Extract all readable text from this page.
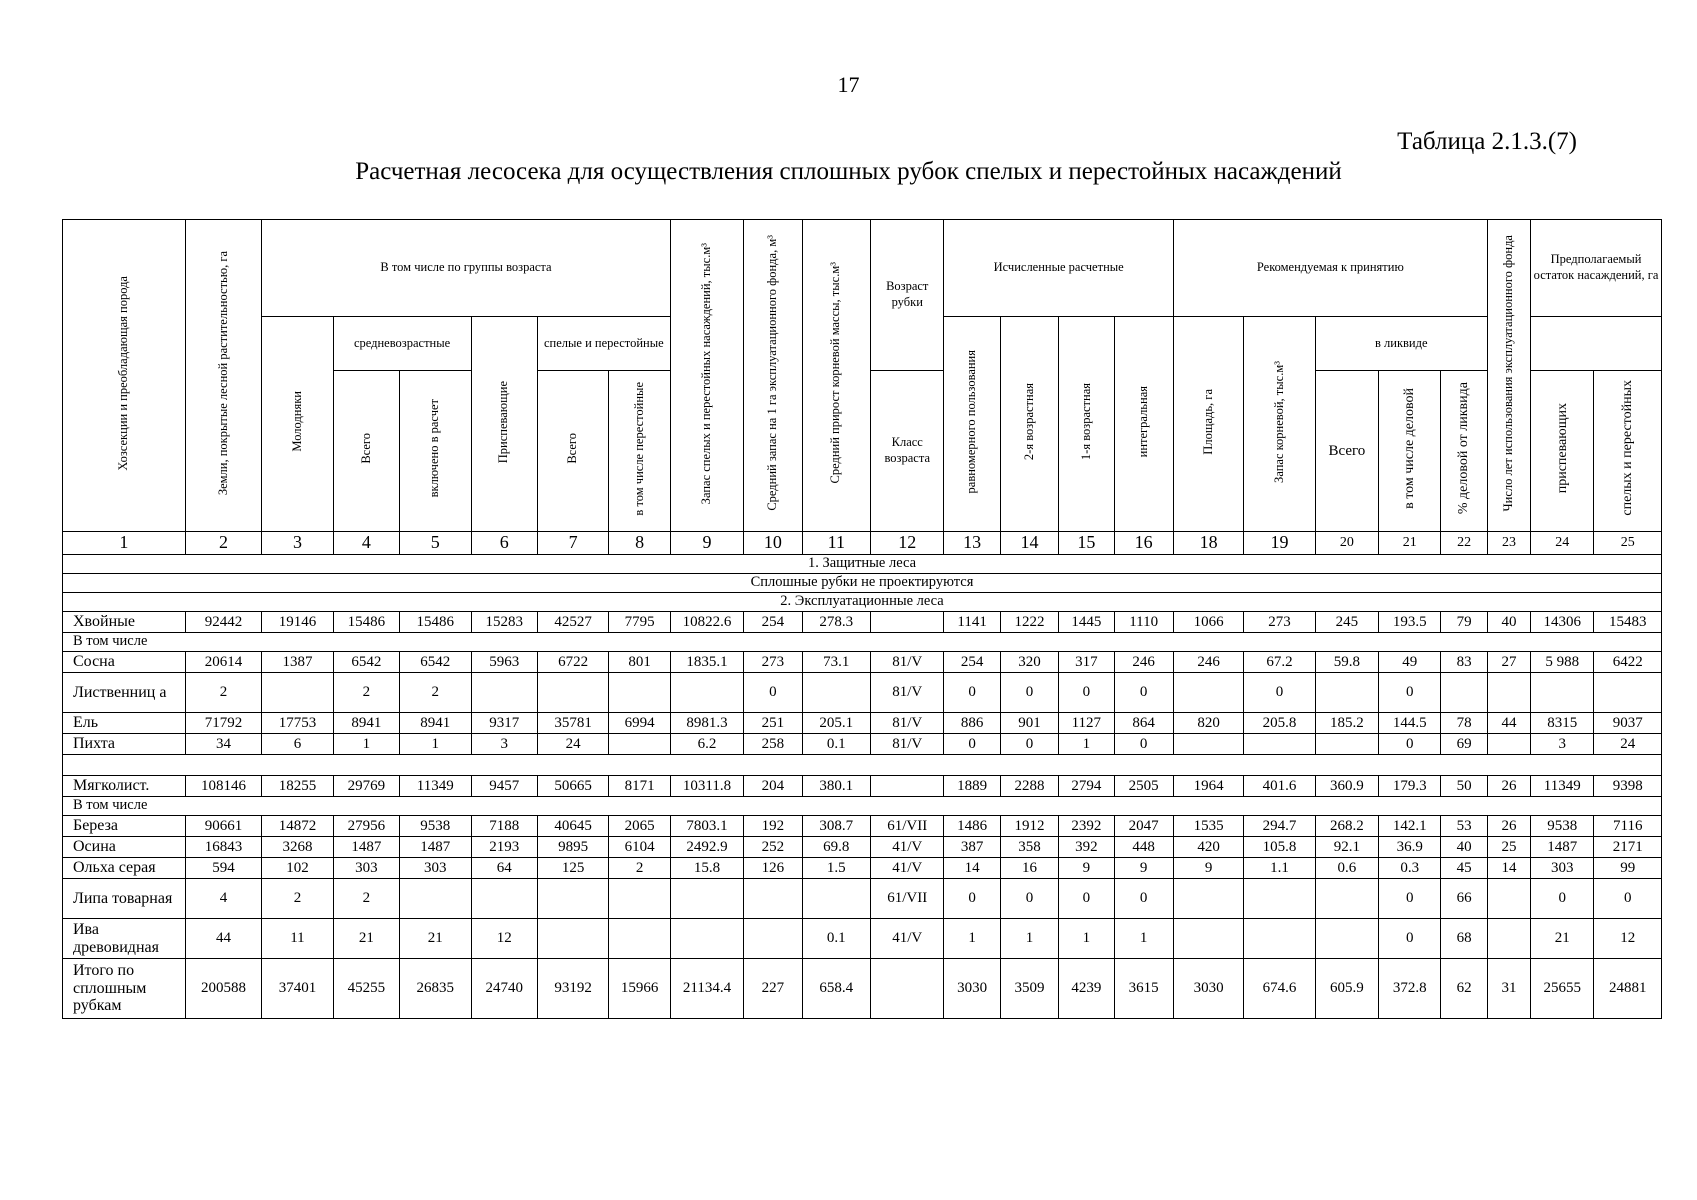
17
Таблица 2.1.3.(7)
Расчетная лесосека для осуществления сплошных рубок спелых и перестойных насаждений
Хозсекции и преобладающая порода	Земли, покрытые лесной растительностью, га	В том числе по группы возраста						Запас спелых и перестойных насаждений, тыс.м³	Средний запас на 1 га эксплуатационного фонда, м³	Средний прирост корневой массы, тыс.м³	Возраст рубки	Исчисленные расчетные				Рекомендуемая к принятию					Число лет использования эксплуатационного фонда	Предполагаемый остаток насаждений, га	
		Молодняки	средневозрастные		Приспевающие	спелые и перестойные						равномерного пользования	2-я возрастная	1-я возрастная	интегральная	Площадь, га	Запас корневой, тыс.м³	в ликвиде					
			Всего	включено в расчет		Всего	в том числе перестойные				Класс возраста							Всего	в том числе деловой	% деловой от ликвида		приспевающих	спелых и перестойных
1	2	3	4	5	6	7	8	9	10	11	12	13	14	15	16	18	19	20	21	22	23	24	25
1. Защитные леса																							
Сплошные рубки не проектируются																							
2. Эксплуатационные леса																							
Хвойные	92442	19146	15486	15486	15283	42527	7795	10822.6	254	278.3		1141	1222	1445	1110	1066	273	245	193.5	79	40	14306	15483
В том числе																							
Сосна	20614	1387	6542	6542	5963	6722	801	1835.1	273	73.1	81/V	254	320	317	246	246	67.2	59.8	49	83	27	5 988	6422
Лиственниц а	2		2	2					0		81/V	0	0	0	0		0		0				
Ель	71792	17753	8941	8941	9317	35781	6994	8981.3	251	205.1	81/V	886	901	1127	864	820	205.8	185.2	144.5	78	44	8315	9037
Пихта	34	6	1	1	3	24		6.2	258	0.1	81/V	0	0	1	0				0	69		3	24

Мягколист.	108146	18255	29769	11349	9457	50665	8171	10311.8	204	380.1		1889	2288	2794	2505	1964	401.6	360.9	179.3	50	26	11349	9398
В том числе																							
Береза	90661	14872	27956	9538	7188	40645	2065	7803.1	192	308.7	61/VII	1486	1912	2392	2047	1535	294.7	268.2	142.1	53	26	9538	7116
Осина	16843	3268	1487	1487	2193	9895	6104	2492.9	252	69.8	41/V	387	358	392	448	420	105.8	92.1	36.9	40	25	1487	2171
Ольха серая	594	102	303	303	64	125	2	15.8	126	1.5	41/V	14	16	9	9	9	1.1	0.6	0.3	45	14	303	99
Липа товарная	4	2	2								61/VII	0	0	0	0				0	66		0	0
Ива древовидная	44	11	21	21	12					0.1	41/V	1	1	1	1				0	68		21	12
Итого по сплошным рубкам	200588	37401	45255	26835	24740	93192	15966	21134.4	227	658.4		3030	3509	4239	3615	3030	674.6	605.9	372.8	62	31	25655	24881
